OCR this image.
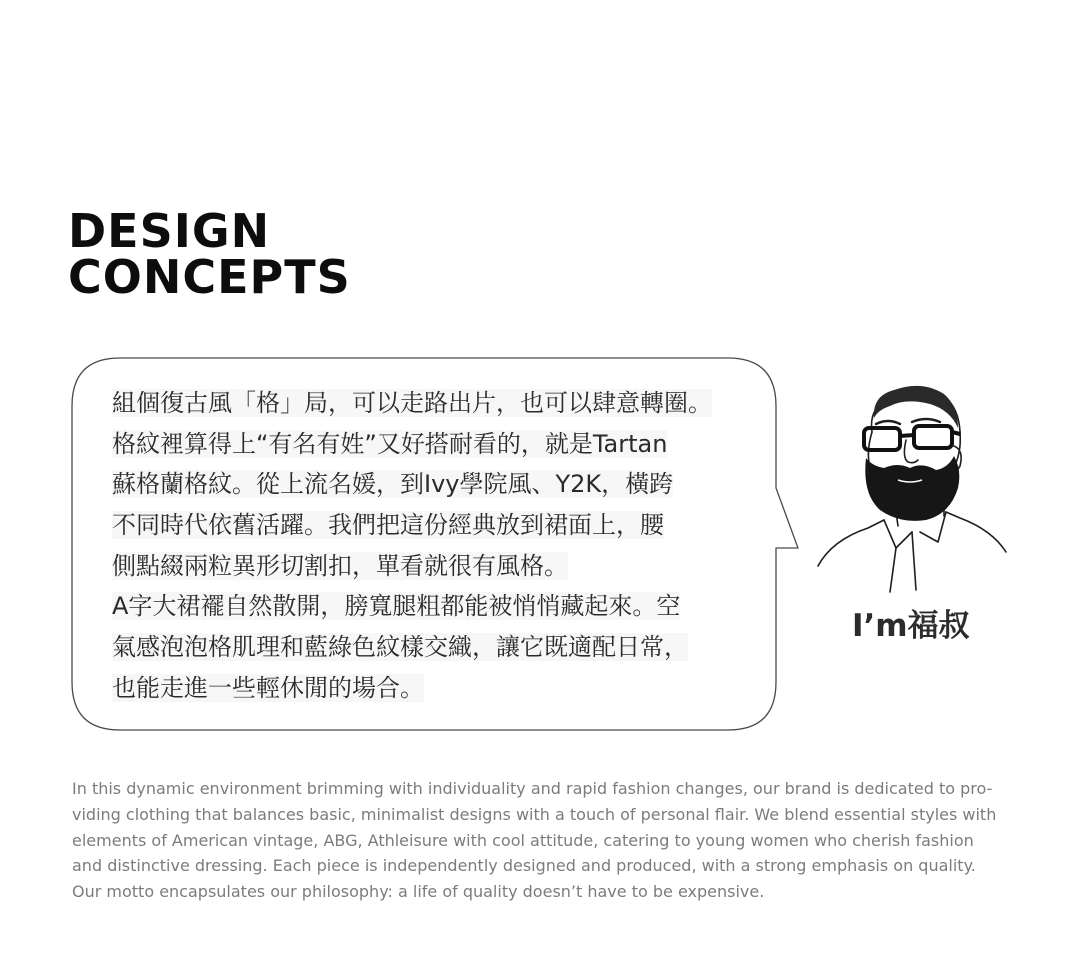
DESIGN
CONCEPTS
組個復古風「格」局，可以走路出片，也可以肆意轉圈。
格紋裡算得上“有名有姓”又好搭耐看的，就是Tartan
蘇格蘭格紋。從上流名媛，到Ivy學院風、Y2K，橫跨
不同時代依舊活躍。我們把這份經典放到裙面上，腰
側點綴兩粒異形切割扣，單看就很有風格。
A字大裙襬自然散開，膀寬腿粗都能被悄悄藏起來。空
氣感泡泡格肌理和藍綠色紋樣交織，讓它既適配日常，
也能走進一些輕休閒的場合。
I’m福叔
In this dynamic environment brimming with individuality and rapid fashion changes, our brand is dedicated to pro-
viding clothing that balances basic, minimalist designs with a touch of personal flair. We blend essential styles with
elements of American vintage, ABG, Athleisure with cool attitude, catering to young women who cherish fashion
and distinctive dressing. Each piece is independently designed and produced, with a strong emphasis on quality.
Our motto encapsulates our philosophy: a life of quality doesn’t have to be expensive.
